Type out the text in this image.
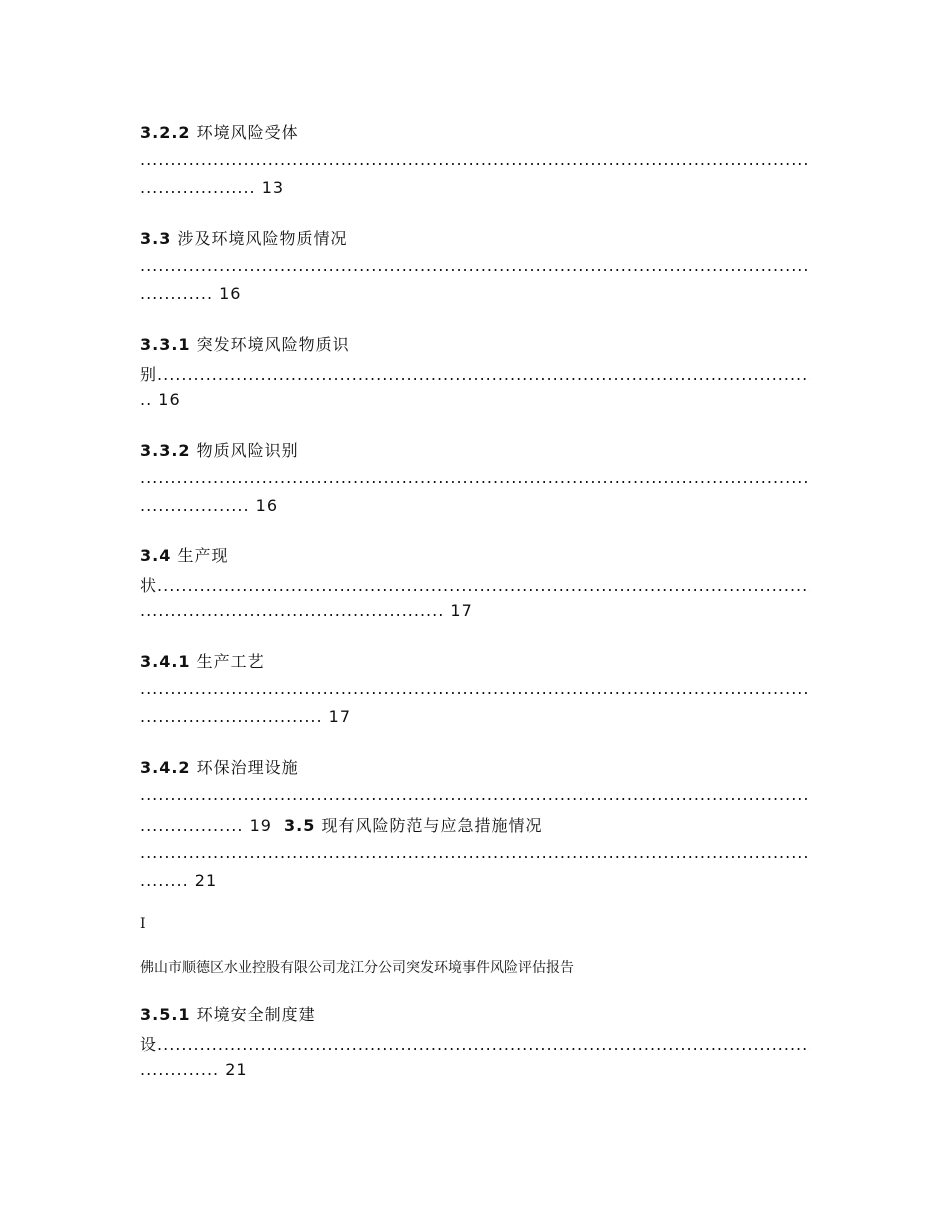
3.2.2 环境风险受体
.....
................... 13
3.3 涉及环境风险物质情况
.....
............ 16
3.3.1 突发环境风险物质识
别 .....
.. 16
3.3.2 物质风险识别
.....
.................. 16
3.4 生产现
状 .....
.................................................. 17
3.4.1 生产工艺
.....
.............................. 17
3.4.2 环保治理设施
.....
................. 19 3.5 现有风险防范与应急措施情况
.....
........ 21
I
佛山市顺德区水业控股有限公司龙江分公司突发环境事件风险评估报告
3.5.1 环境安全制度建
设 .....
............. 21
